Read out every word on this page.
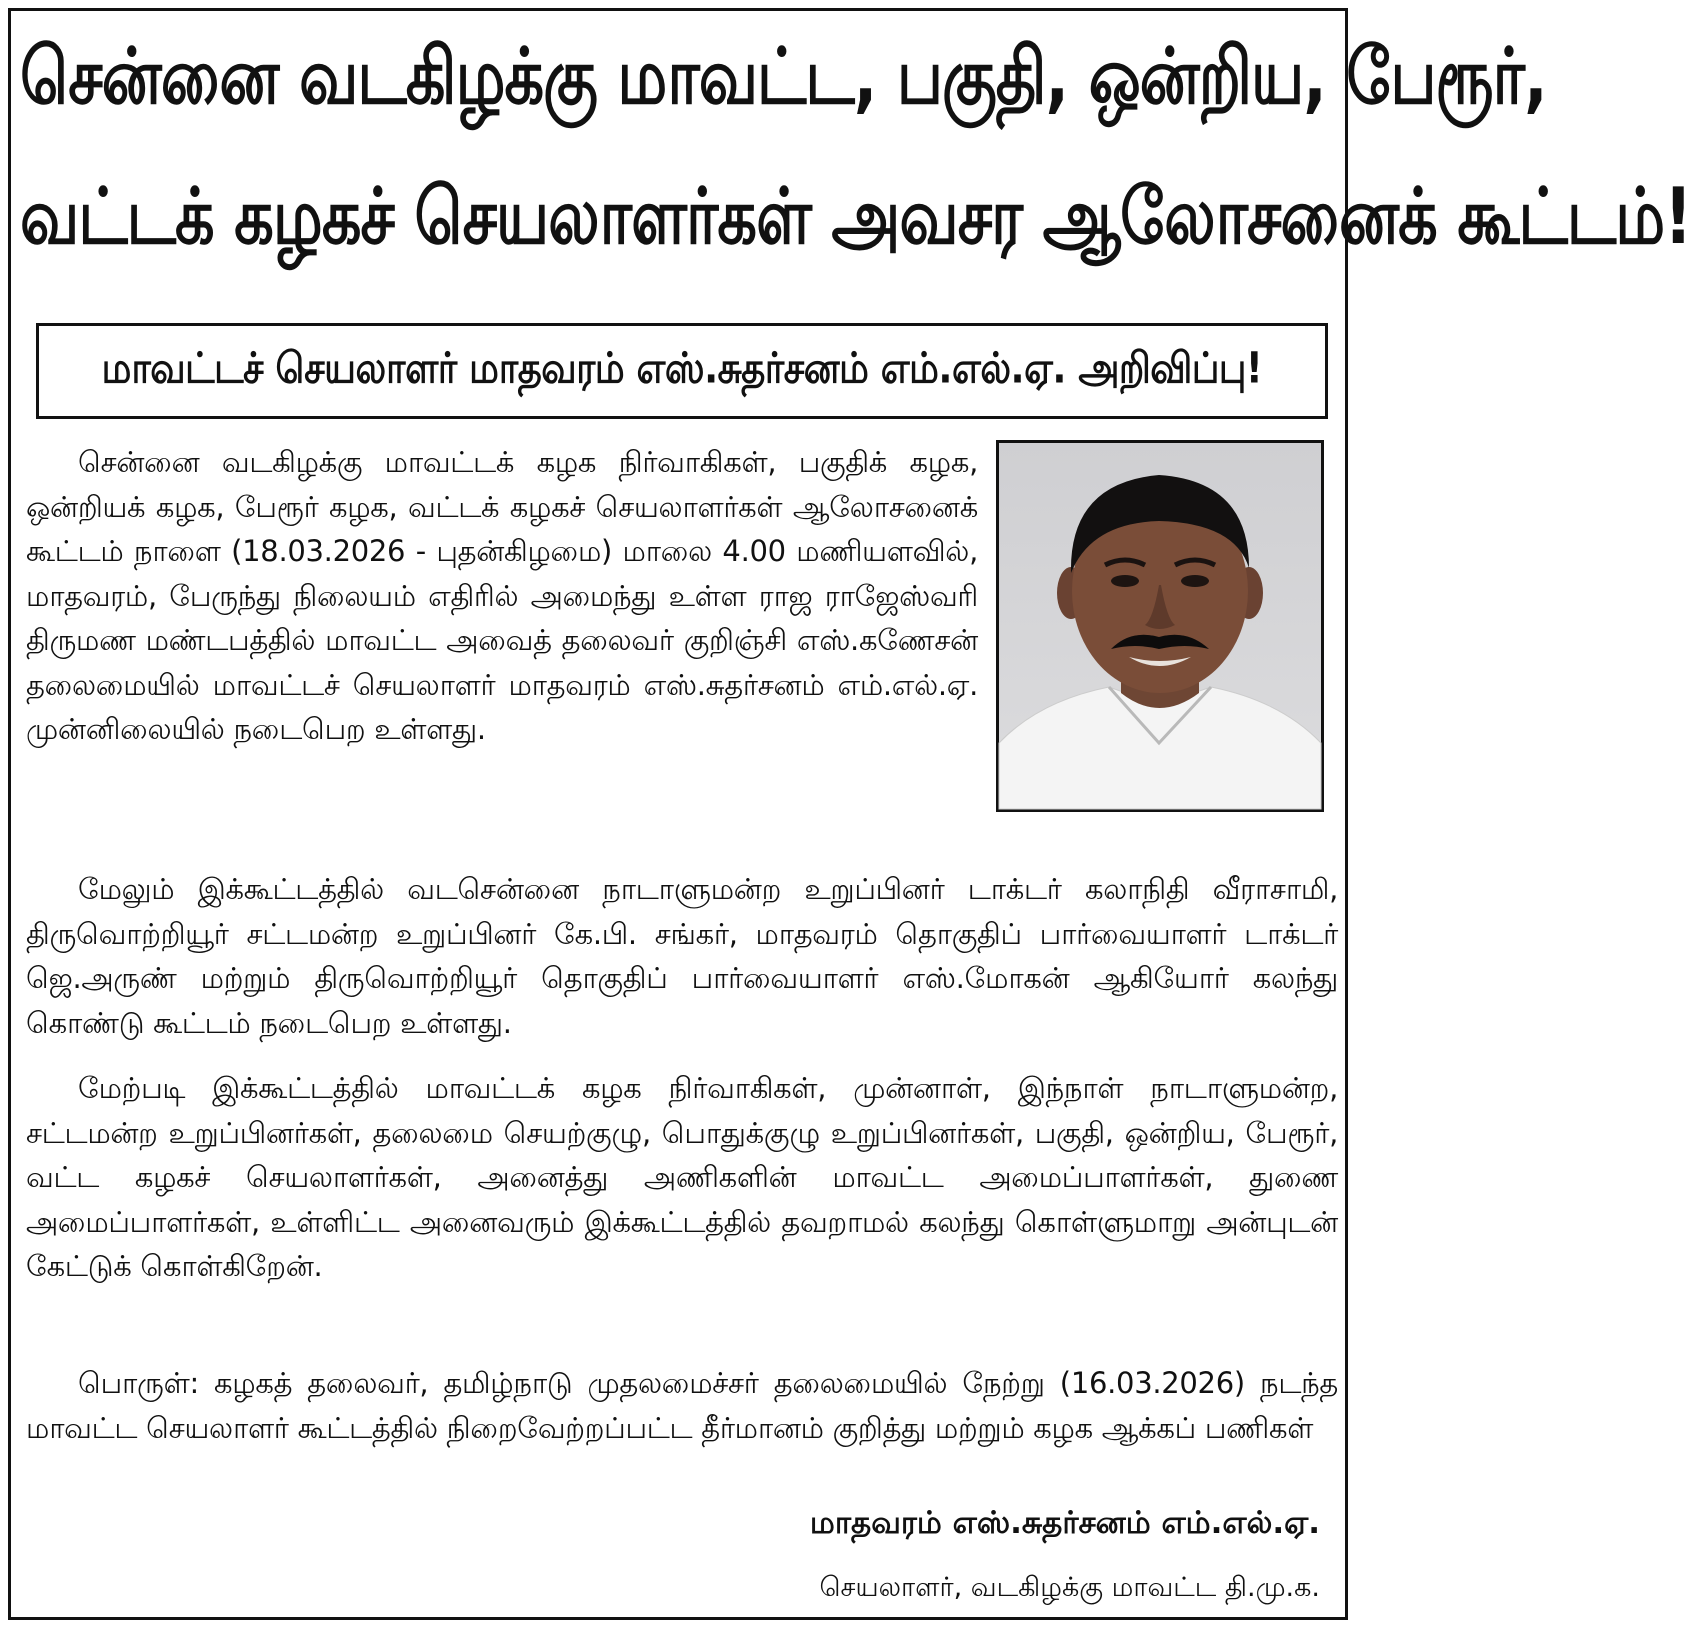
சென்னை வடகிழக்கு மாவட்ட, பகுதி, ஒன்றிய, பேரூர்,
வட்டக் கழகச் செயலாளர்கள் அவசர ஆலோசனைக் கூட்டம்!
மாவட்டச் செயலாளர் மாதவரம் எஸ்.சுதர்சனம் எம்.எல்.ஏ. அறிவிப்பு!

சென்னை வடகிழக்கு மாவட்டக் கழக நிர்வாகிகள், பகுதிக் கழக, ஒன்றியக் கழக, பேரூர் கழக, வட்டக் கழகச் செயலாளர்கள் ஆலோசனைக் கூட்டம் நாளை (18.03.2026 - புதன்கிழமை) மாலை 4.00 மணியளவில், மாதவரம், பேருந்து நிலையம் எதிரில் அமைந்து உள்ள ராஜ ராஜேஸ்வரி திருமண மண்டபத்தில் மாவட்ட அவைத் தலைவர் குறிஞ்சி எஸ்.கணேசன் தலைமையில் மாவட்டச் செயலாளர் மாதவரம் எஸ்.சுதர்சனம் எம்.எல்.ஏ. முன்னிலையில் நடைபெற உள்ளது.

மேலும் இக்கூட்டத்தில் வடசென்னை நாடாளுமன்ற உறுப்பினர் டாக்டர் கலாநிதி வீராசாமி, திருவொற்றியூர் சட்டமன்ற உறுப்பினர் கே.பி. சங்கர், மாதவரம் தொகுதிப் பார்வையாளர் டாக்டர் ஜெ.அருண் மற்றும் திருவொற்றியூர் தொகுதிப் பார்வையாளர் எஸ்.மோகன் ஆகியோர் கலந்து கொண்டு கூட்டம் நடைபெற உள்ளது.

மேற்படி இக்கூட்டத்தில் மாவட்டக் கழக நிர்வாகிகள், முன்னாள், இந்நாள் நாடாளுமன்ற, சட்டமன்ற உறுப்பினர்கள், தலைமை செயற்குழு, பொதுக்குழு உறுப்பினர்கள், பகுதி, ஒன்றிய, பேரூர், வட்ட கழகச் செயலாளர்கள், அனைத்து அணிகளின் மாவட்ட அமைப்பாளர்கள், துணை அமைப்பாளர்கள், உள்ளிட்ட அனைவரும் இக்கூட்டத்தில் தவறாமல் கலந்து கொள்ளுமாறு அன்புடன் கேட்டுக் கொள்கிறேன்.

பொருள்: கழகத் தலைவர், தமிழ்நாடு முதலமைச்சர் தலைமையில் நேற்று (16.03.2026) நடந்த மாவட்ட செயலாளர் கூட்டத்தில் நிறைவேற்றப்பட்ட தீர்மானம் குறித்து மற்றும் கழக ஆக்கப் பணிகள்

மாதவரம் எஸ்.சுதர்சனம் எம்.எல்.ஏ.
செயலாளர், வடகிழக்கு மாவட்ட தி.மு.க.
